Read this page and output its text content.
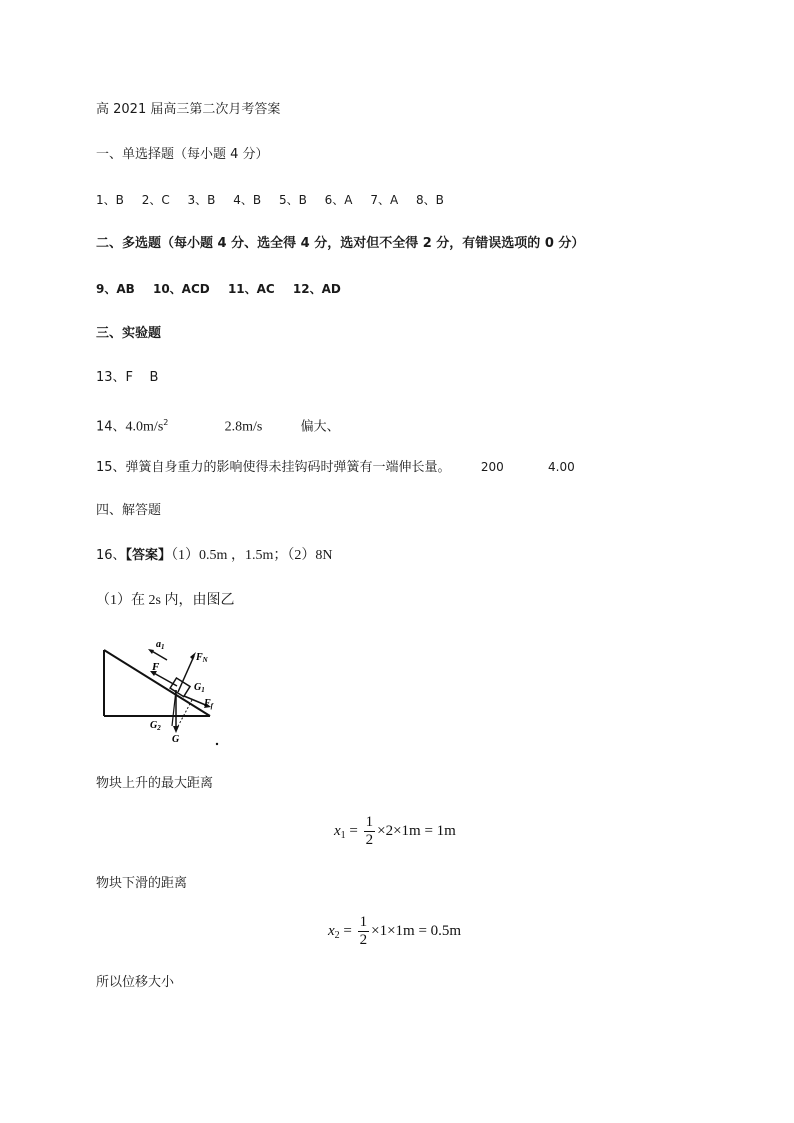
高 2021 届高三第二次月考答案
一、单选择题（每小题 4 分）
1、B 2、C 3、B 4、B 5、B 6、A 7、A 8、B
二、多选题（每小题 4 分、选全得 4 分，选对但不全得 2 分，有错误选项的 0 分）
9、AB 10、ACD 11、AC 12、AD
三、实验题
13、F    B
14、$4.0m/s^2$	2.8m/s	偏大、
15、弹簧自身重力的影响使得未挂钩码时弹簧有一端伸长量。	200	4.00
四、解答题
16、【答案】（1）0.5m ，1.5m；（2）8N
（1）在 2s 内，由图乙
$a_1$
$F_N$
F
$G_1$
$F_f$
$G_2$
G
物块上升的最大距离
$x_1 = \frac{1}{2} \times 2\times 1m = 1m$
物块下滑的距离
$x_2 = \frac{1}{2} \times 1\times 1m = 0.5m$
所以位移大小
